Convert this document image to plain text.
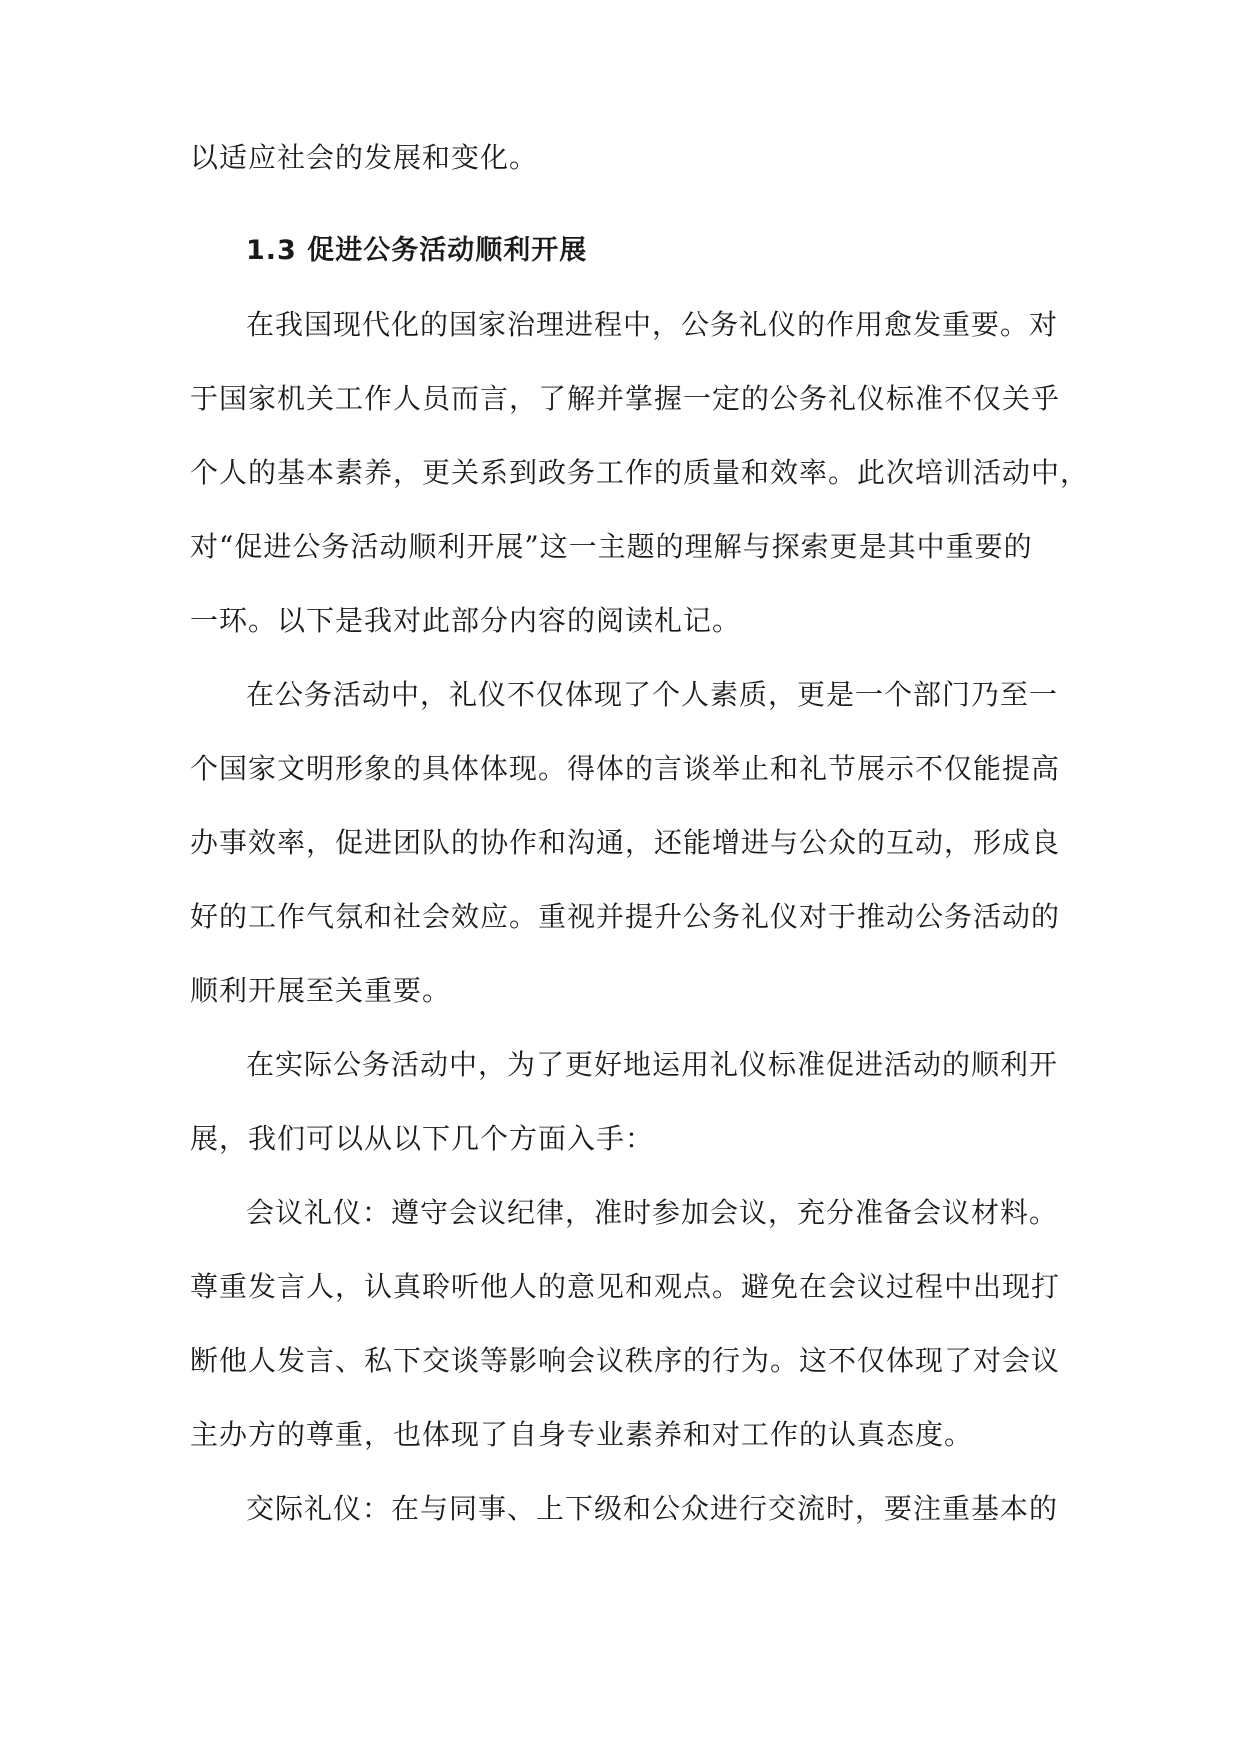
以适应社会的发展和变化。
1.3 促进公务活动顺利开展
在我国现代化的国家治理进程中，公务礼仪的作用愈发重要。对
于国家机关工作人员而言，了解并掌握一定的公务礼仪标准不仅关乎
个人的基本素养，更关系到政务工作的质量和效率。此次培训活动中，
对“促进公务活动顺利开展”这一主题的理解与探索更是其中重要的
一环。以下是我对此部分内容的阅读札记。
在公务活动中，礼仪不仅体现了个人素质，更是一个部门乃至一
个国家文明形象的具体体现。得体的言谈举止和礼节展示不仅能提高
办事效率，促进团队的协作和沟通，还能增进与公众的互动，形成良
好的工作气氛和社会效应。重视并提升公务礼仪对于推动公务活动的
顺利开展至关重要。
在实际公务活动中，为了更好地运用礼仪标准促进活动的顺利开
展，我们可以从以下几个方面入手：
会议礼仪：遵守会议纪律，准时参加会议，充分准备会议材料。
尊重发言人，认真聆听他人的意见和观点。避免在会议过程中出现打
断他人发言、私下交谈等影响会议秩序的行为。这不仅体现了对会议
主办方的尊重，也体现了自身专业素养和对工作的认真态度。
交际礼仪：在与同事、上下级和公众进行交流时，要注重基本的
